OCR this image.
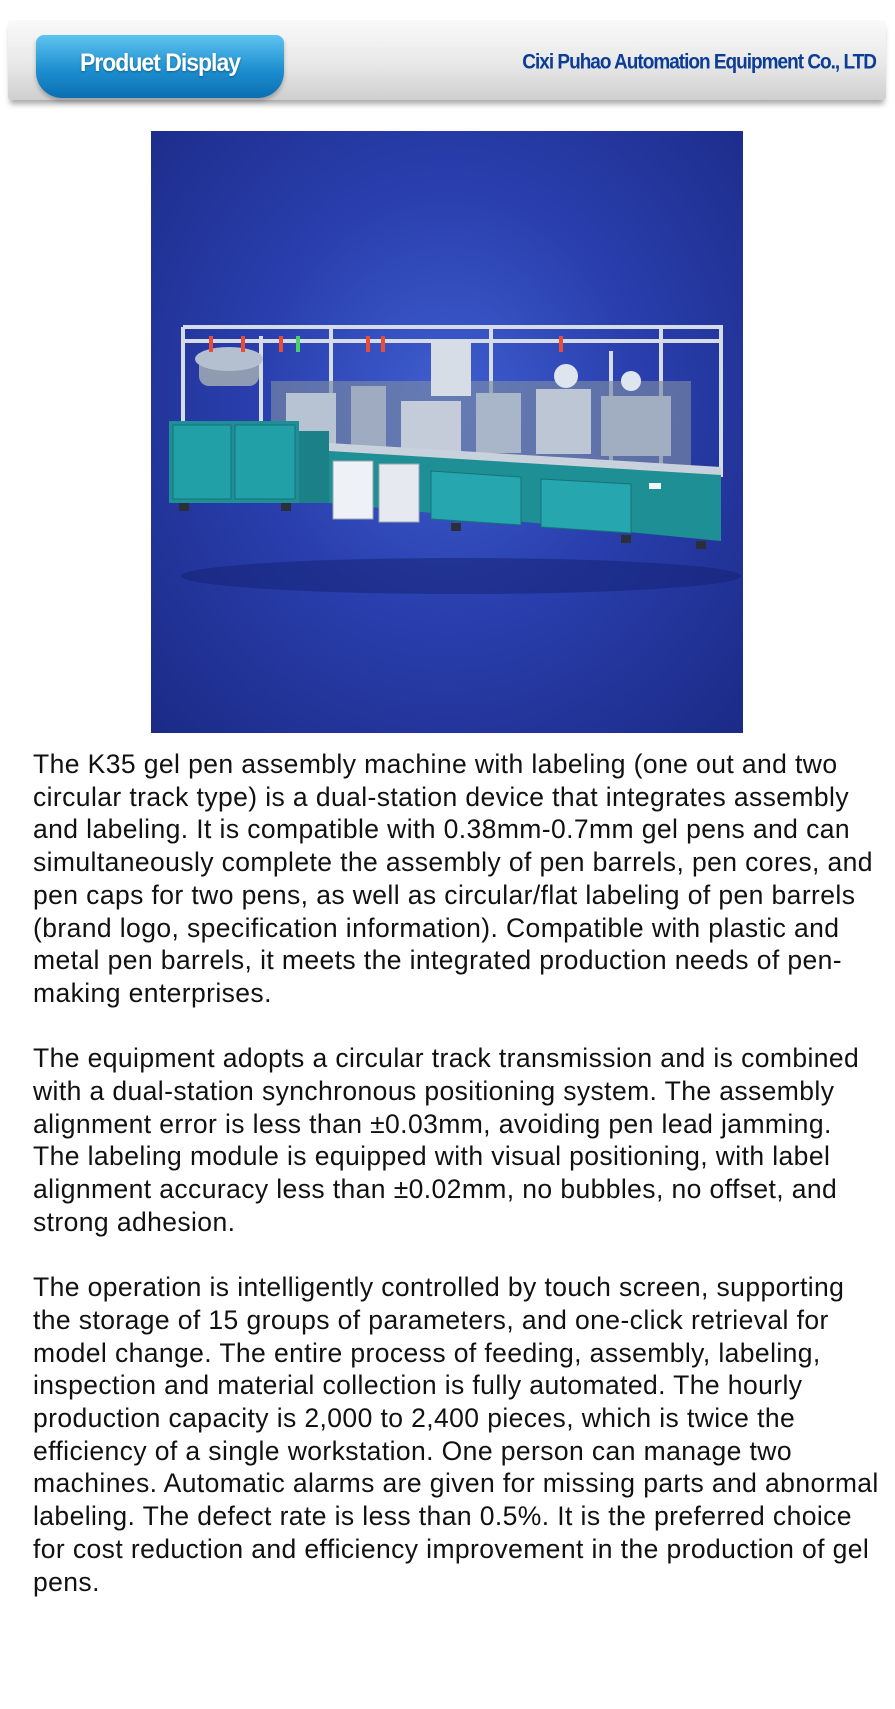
Produet Display	Cixi Puhao Automation Equipment Co., LTD

The K35 gel pen assembly machine with labeling (one out and two circular track type) is a dual-station device that integrates assembly and labeling. It is compatible with 0.38mm-0.7mm gel pens and can simultaneously complete the assembly of pen barrels, pen cores, and pen caps for two pens, as well as circular/flat labeling of pen barrels (brand logo, specification information). Compatible with plastic and metal pen barrels, it meets the integrated production needs of pen-making enterprises.

The equipment adopts a circular track transmission and is combined with a dual-station synchronous positioning system. The assembly alignment error is less than ±0.03mm, avoiding pen lead jamming. The labeling module is equipped with visual positioning, with label alignment accuracy less than ±0.02mm, no bubbles, no offset, and strong adhesion.

The operation is intelligently controlled by touch screen, supporting the storage of 15 groups of parameters, and one-click retrieval for model change. The entire process of feeding, assembly, labeling, inspection and material collection is fully automated. The hourly production capacity is 2,000 to 2,400 pieces, which is twice the efficiency of a single workstation. One person can manage two machines. Automatic alarms are given for missing parts and abnormal labeling. The defect rate is less than 0.5%. It is the preferred choice for cost reduction and efficiency improvement in the production of gel pens.
